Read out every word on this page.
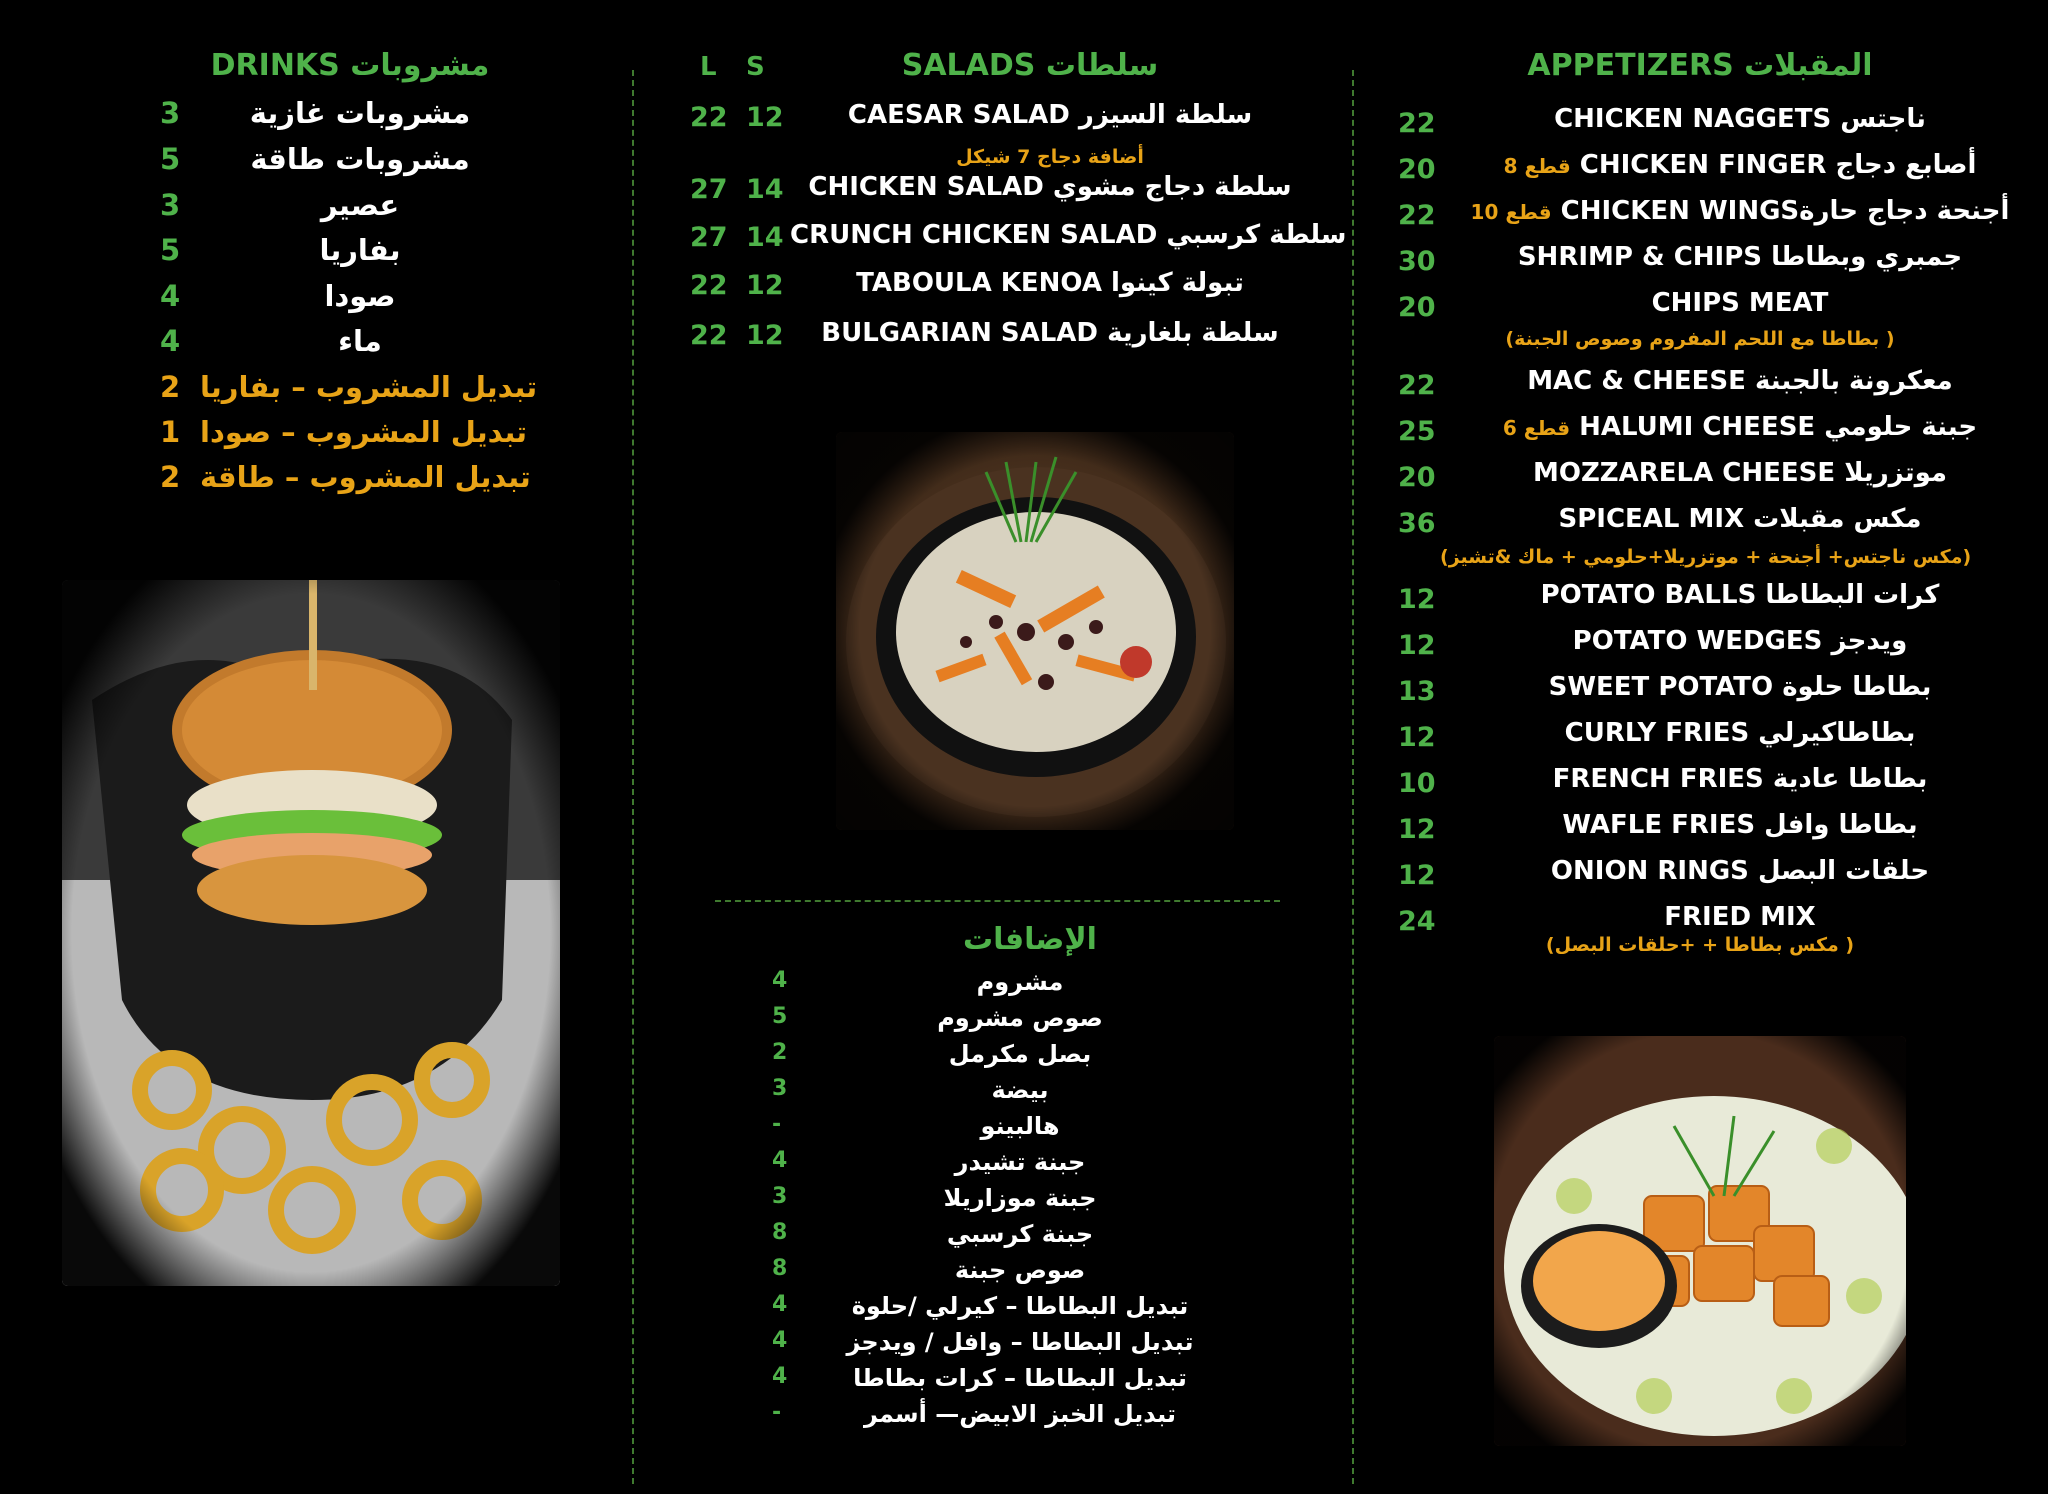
DRINKS مشروبات
3	مشروبات غازية
5	مشروبات طاقة
3	عصير
5	بفاريا
4	صودا
4	ماء
2 تبديل المشروب – بفاريا
1 تبديل المشروب – صودا
2 تبديل المشروب – طاقة
SALADS سلطات
L S
22 12	CAESAR SALAD سلطة السيزر
أضافة دجاج 7 شيكل
27 14 CHICKEN SALAD سلطة دجاج مشوي
27 14 CRUNCH CHICKEN SALAD سلطة كرسبي
22 12	TABOULA KENOA تبولة كينوا
22 12	BULGARIAN SALAD سلطة بلغارية
الإضافات
4	مشروم
5	صوص مشروم
2	بصل مكرمل
3	بيضة
-	هالبينو
4	جبنة تشيدر
3	جبنة موزاريلا
8	جبنة كرسبي
8	صوص جبنة
4	تبديل البطاطا – كيرلي /حلوة
4	تبديل البطاطا – وافل / ويدجز
4	تبديل البطاطا – كرات بطاطا
-	تبديل الخبز الابيض— أسمر
APPETIZERS المقبلات
22	CHICKEN NAGGETS ناجتس
20	8 قطع CHICKEN FINGER أصابع دجاج
22	10 قطع CHICKEN WINGSأجنحة دجاج حارة
30	SHRIMP & CHIPS جمبري وبطاطا
20	CHIPS MEAT
(بطاطا مع اللحم المفروم وصوص الجبنة )
22	MAC & CHEESE معكرونة بالجبنة
25	6 قطع HALUMI CHEESE جبنة حلومي
20	MOZZARELA CHEESE موتزريلا
36	SPICEAL MIX مكس مقبلات
(مكس ناجتس+ أجنحة + موتزريلا+حلومي + ماك &تشيز)
12	POTATO BALLS كرات البطاطا
12	POTATO WEDGES ويدجز
13	SWEET POTATO بطاطا حلوة
12	CURLY FRIES بطاطاكيرلي
10	FRENCH FRIES بطاطا عادية
12	WAFLE FRIES بطاطا وافل
12	ONION RINGS حلقات البصل
24	FRIED MIX
(مكس بطاطا + +حلقات البصل )
